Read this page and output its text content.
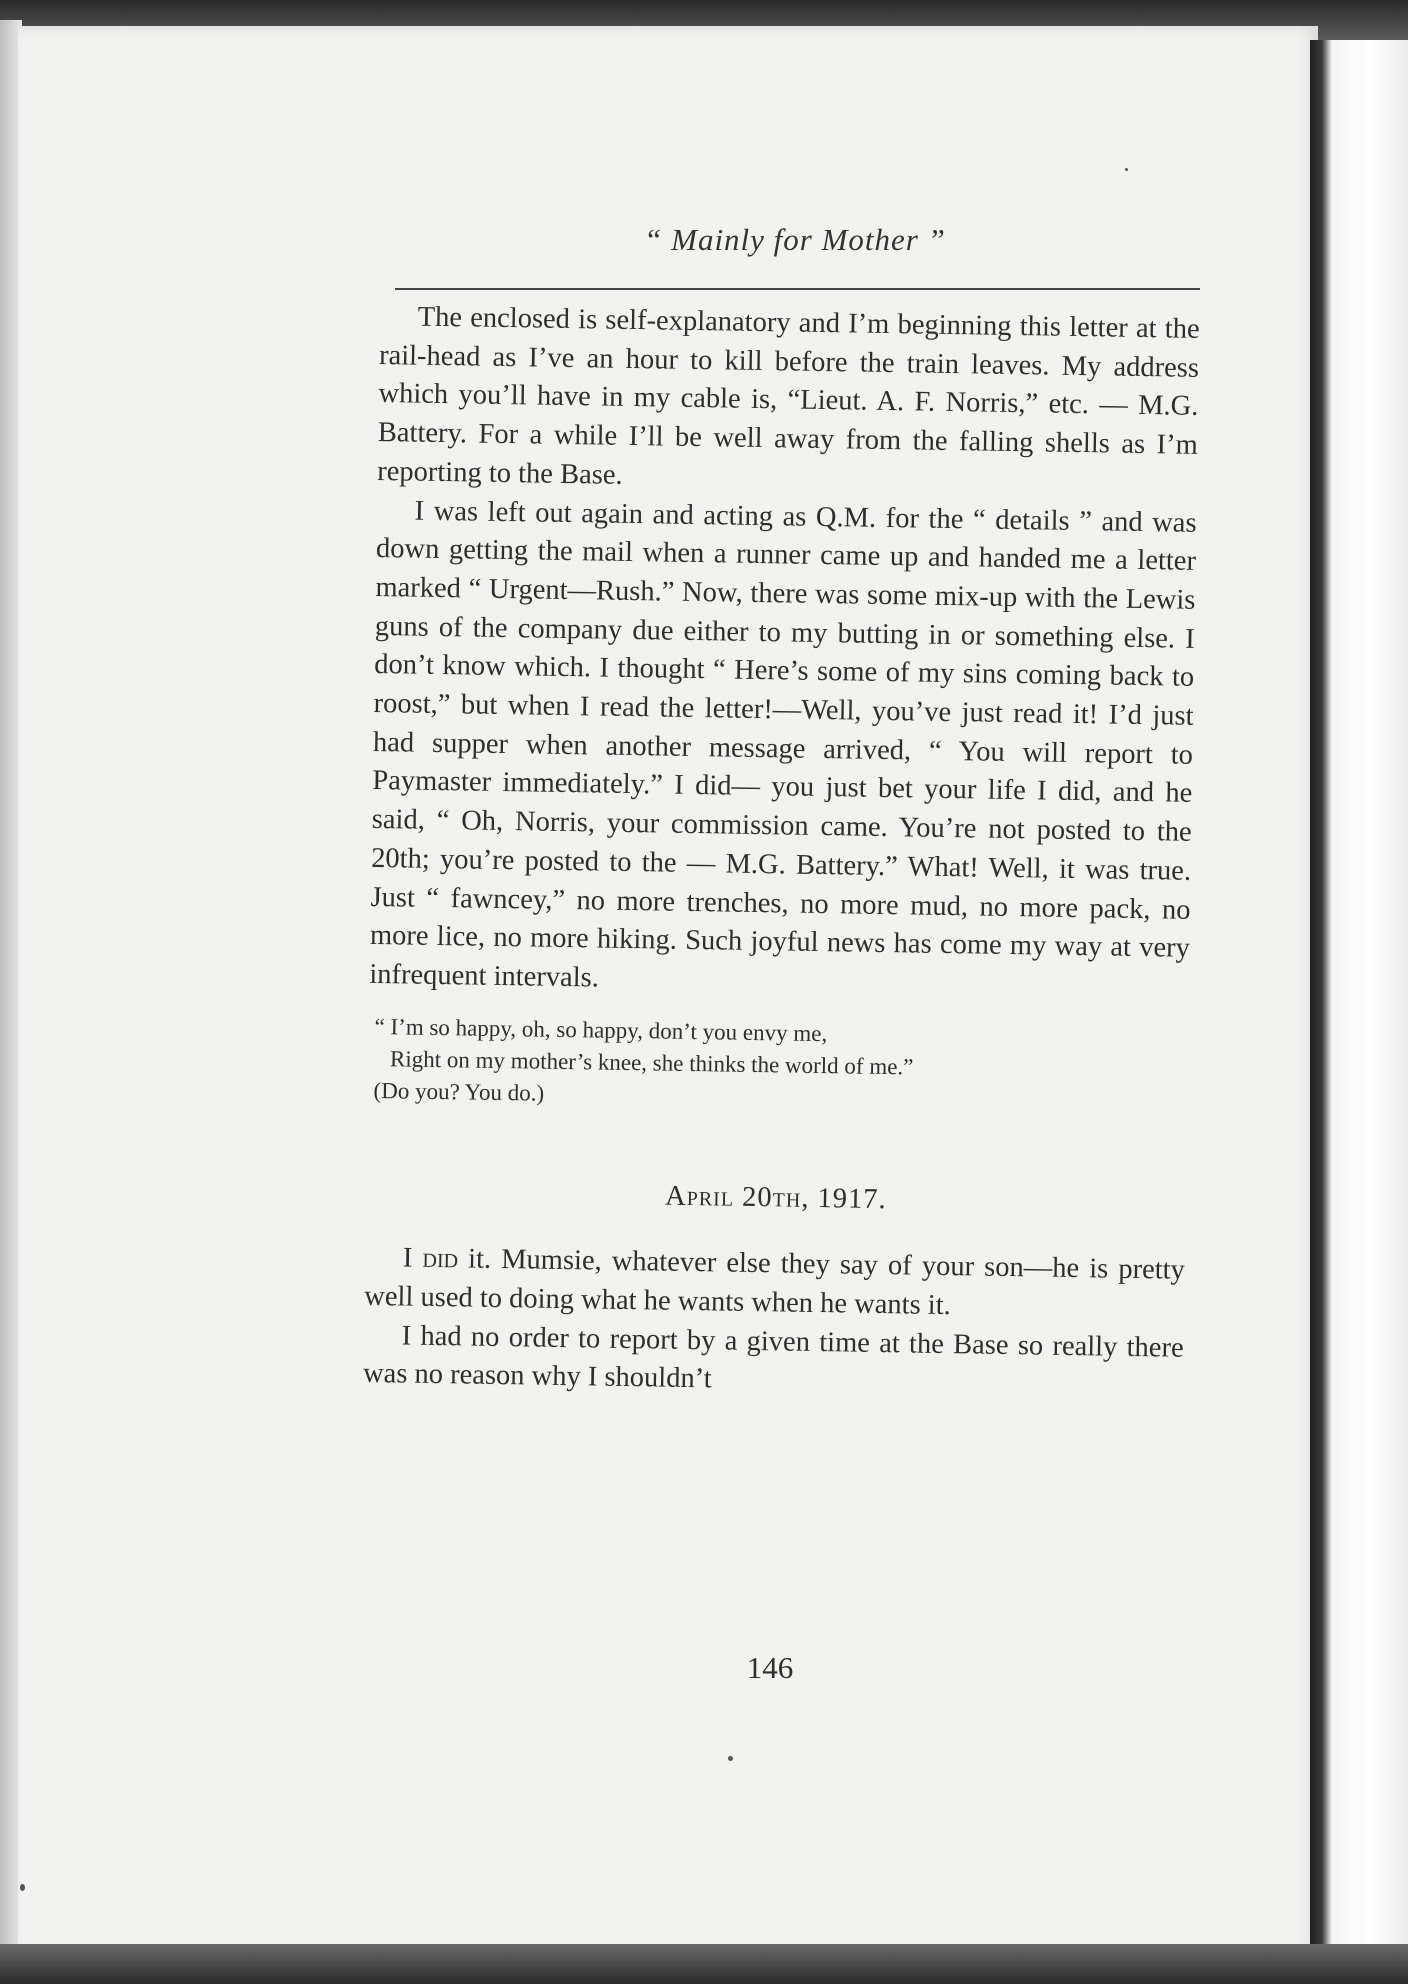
“ Mainly for Mother ”

The enclosed is self-explanatory and I’m beginning this letter at the rail-head as I’ve an hour to kill before the train leaves. My address which you’ll have in my cable is, “Lieut. A. F. Norris,” etc. — M.G. Battery. For a while I’ll be well away from the falling shells as I’m reporting to the Base.

I was left out again and acting as Q.M. for the “ details ” and was down getting the mail when a runner came up and handed me a letter marked “ Urgent—Rush.” Now, there was some mix-up with the Lewis guns of the company due either to my butting in or something else. I don’t know which. I thought “ Here’s some of my sins coming back to roost,” but when I read the letter!—Well, you’ve just read it! I’d just had supper when another message arrived, “ You will report to Paymaster immediately.” I did— you just bet your life I did, and he said, “ Oh, Norris, your commission came. You’re not posted to the 20th; you’re posted to the — M.G. Battery.” What! Well, it was true. Just “ fawncey,” no more trenches, no more mud, no more pack, no more lice, no more hiking. Such joyful news has come my way at very infrequent intervals.

“ I’m so happy, oh, so happy, don’t you envy me,
Right on my mother’s knee, she thinks the world of me.”
(Do you? You do.)
April 20th, 1917.

I did it. Mumsie, whatever else they say of your son—he is pretty well used to doing what he wants when he wants it.

I had no order to report by a given time at the Base so really there was no reason why I shouldn’t

146
